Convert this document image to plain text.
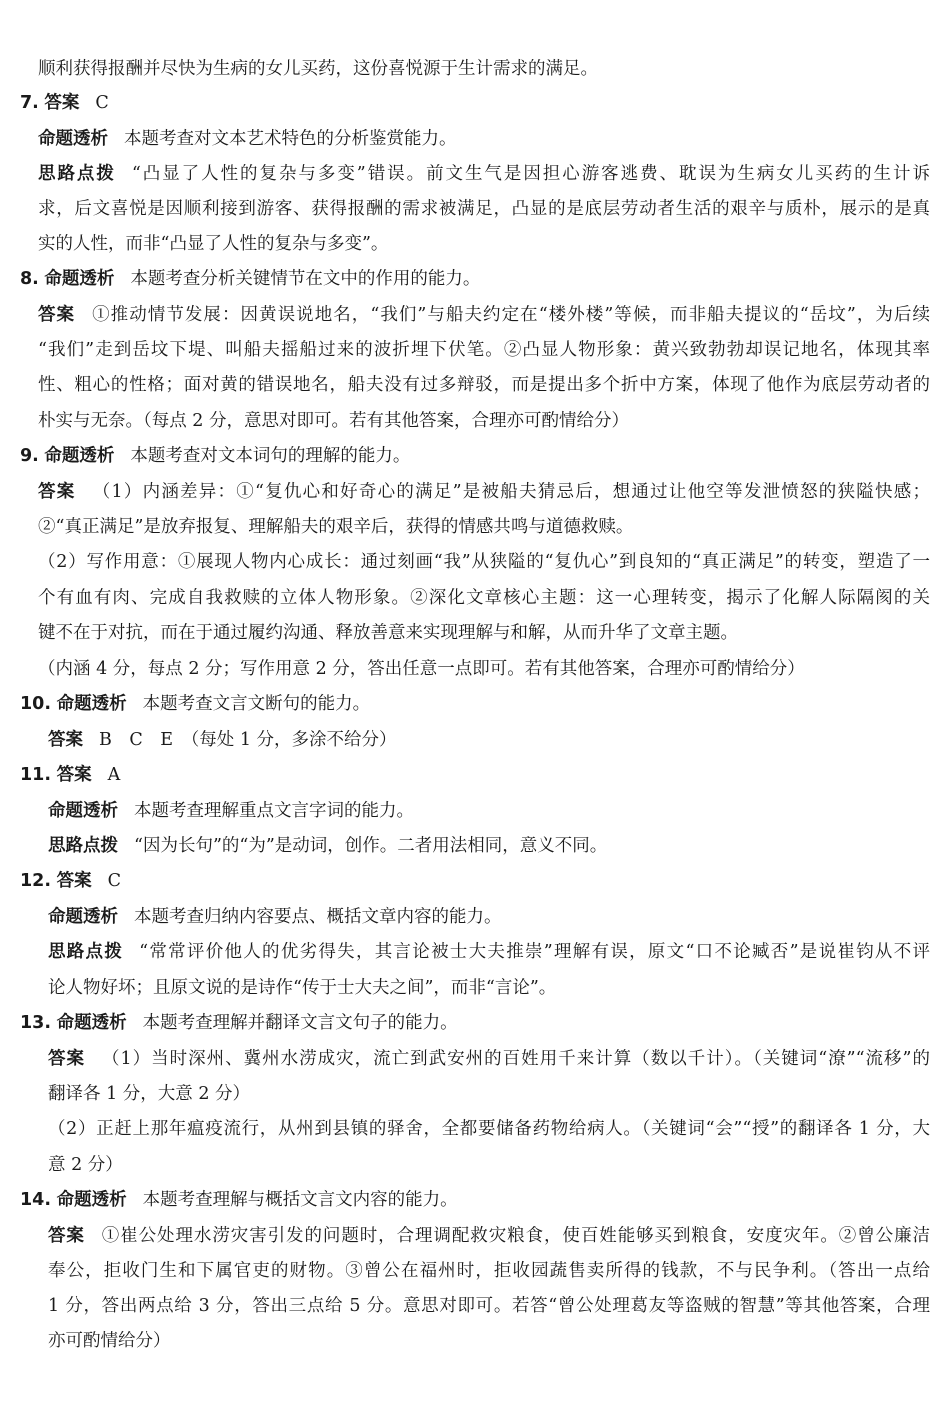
顺利获得报酬并尽快为生病的女儿买药，这份喜悦源于生计需求的满足。
7. 答案 C
命题透析 本题考查对文本艺术特色的分析鉴赏能力。
思路点拨 “凸显了人性的复杂与多变”错误。前文生气是因担心游客逃费、耽误为生病女儿买药的生计诉
求，后文喜悦是因顺利接到游客、获得报酬的需求被满足，凸显的是底层劳动者生活的艰辛与质朴，展示的是真
实的人性，而非“凸显了人性的复杂与多变”。
8. 命题透析 本题考查分析关键情节在文中的作用的能力。
答案 ①推动情节发展：因黄误说地名，“我们”与船夫约定在“楼外楼”等候，而非船夫提议的“岳坟”，为后续
“我们”走到岳坟下堤、叫船夫摇船过来的波折埋下伏笔。②凸显人物形象：黄兴致勃勃却误记地名，体现其率
性、粗心的性格；面对黄的错误地名，船夫没有过多辩驳，而是提出多个折中方案，体现了他作为底层劳动者的
朴实与无奈。（每点 2 分，意思对即可。若有其他答案，合理亦可酌情给分）
9. 命题透析 本题考查对文本词句的理解的能力。
答案 （1）内涵差异：①“复仇心和好奇心的满足”是被船夫猜忌后，想通过让他空等发泄愤怒的狭隘快感；
②“真正满足”是放弃报复、理解船夫的艰辛后，获得的情感共鸣与道德救赎。
（2）写作用意：①展现人物内心成长：通过刻画“我”从狭隘的“复仇心”到良知的“真正满足”的转变，塑造了一
个有血有肉、完成自我救赎的立体人物形象。②深化文章核心主题：这一心理转变，揭示了化解人际隔阂的关
键不在于对抗，而在于通过履约沟通、释放善意来实现理解与和解，从而升华了文章主题。
（内涵 4 分，每点 2 分；写作用意 2 分，答出任意一点即可。若有其他答案，合理亦可酌情给分）
10. 命题透析 本题考查文言文断句的能力。
答案 B　C　E　（每处 1 分，多涂不给分）
11. 答案 A
命题透析 本题考查理解重点文言字词的能力。
思路点拨 “因为长句”的“为”是动词，创作。二者用法相同，意义不同。
12. 答案 C
命题透析 本题考查归纳内容要点、概括文章内容的能力。
思路点拨 “常常评价他人的优劣得失，其言论被士大夫推崇”理解有误，原文“口不论臧否”是说崔钧从不评
论人物好坏；且原文说的是诗作“传于士大夫之间”，而非“言论”。
13. 命题透析 本题考查理解并翻译文言文句子的能力。
答案 （1）当时深州、冀州水涝成灾，流亡到武安州的百姓用千来计算（数以千计）。（关键词“潦”“流移”的
翻译各 1 分，大意 2 分）
（2）正赶上那年瘟疫流行，从州到县镇的驿舍，全都要储备药物给病人。（关键词“会”“授”的翻译各 1 分，大
意 2 分）
14. 命题透析 本题考查理解与概括文言文内容的能力。
答案 ①崔公处理水涝灾害引发的问题时，合理调配救灾粮食，使百姓能够买到粮食，安度灾年。②曾公廉洁
奉公，拒收门生和下属官吏的财物。③曾公在福州时，拒收园蔬售卖所得的钱款，不与民争利。（答出一点给
1 分，答出两点给 3 分，答出三点给 5 分。意思对即可。若答“曾公处理葛友等盗贼的智慧”等其他答案，合理
亦可酌情给分）
